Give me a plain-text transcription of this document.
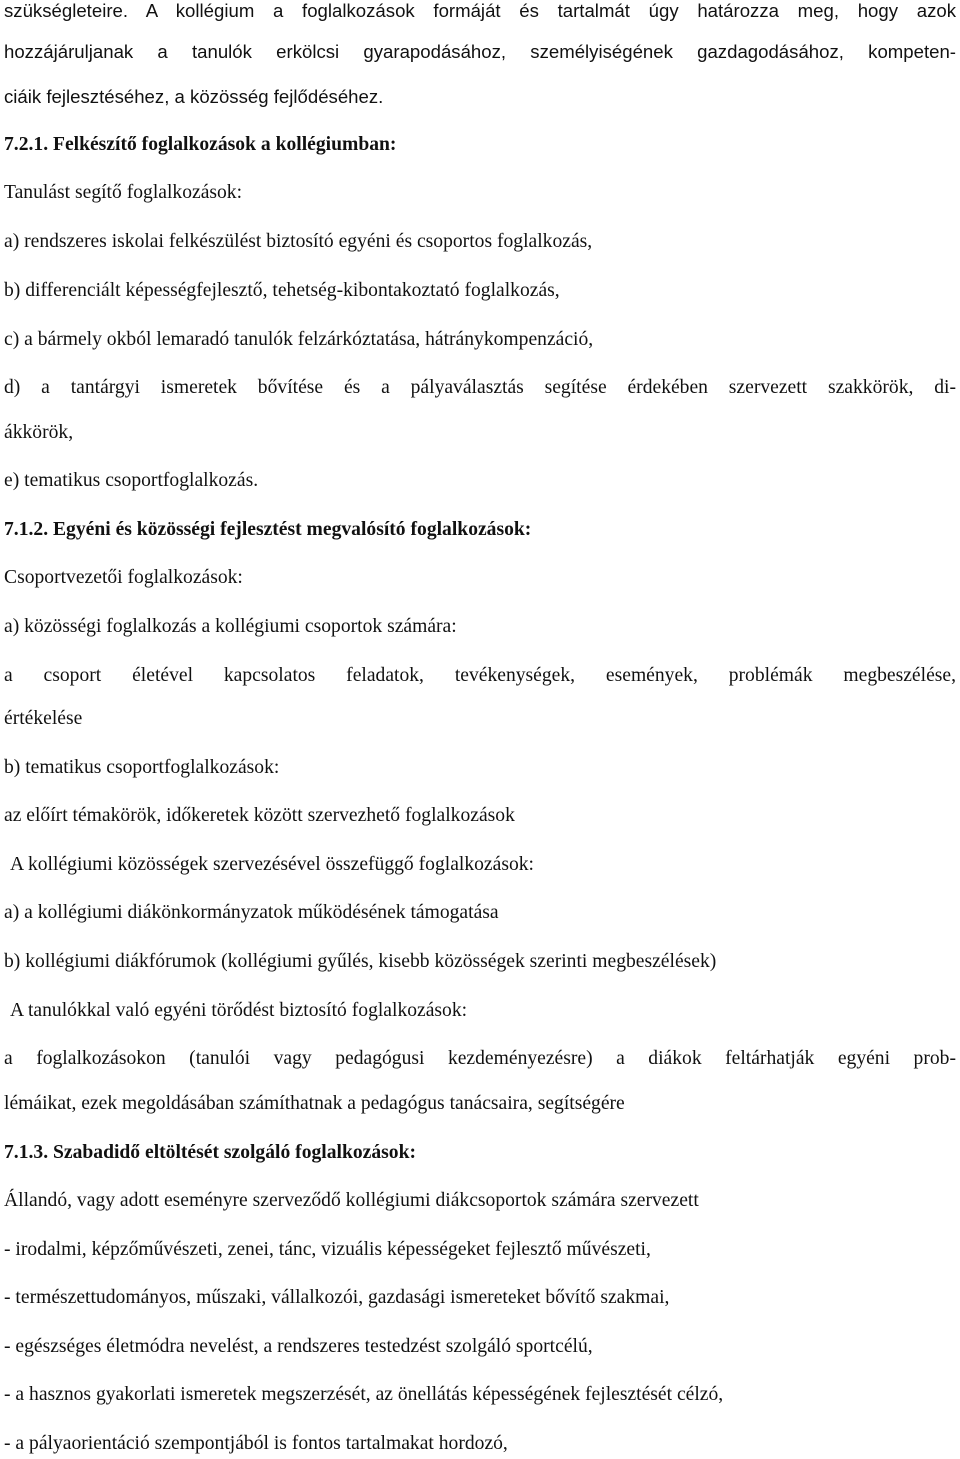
szükségleteire. A kollégium a foglalkozások formáját és tartalmát úgy határozza meg, hogy azok
hozzájáruljanak a tanulók erkölcsi gyarapodásához, személyiségének gazdagodásához, kompeten-
ciáik fejlesztéséhez, a közösség fejlődéséhez.
7.2.1. Felkészítő foglalkozások a kollégiumban:
Tanulást segítő foglalkozások:
a) rendszeres iskolai felkészülést biztosító egyéni és csoportos foglalkozás,
b) differenciált képességfejlesztő, tehetség-kibontakoztató foglalkozás,
c) a bármely okból lemaradó tanulók felzárkóztatása, hátránykompenzáció,
d) a tantárgyi ismeretek bővítése és a pályaválasztás segítése érdekében szervezett szakkörök, di-
ákkörök,
e) tematikus csoportfoglalkozás.
7.1.2. Egyéni és közösségi fejlesztést megvalósító foglalkozások:
Csoportvezetői foglalkozások:
a) közösségi foglalkozás a kollégiumi csoportok számára:
a csoport életével kapcsolatos feladatok, tevékenységek, események, problémák megbeszélése,
értékelése
b) tematikus csoportfoglalkozások:
az előírt témakörök, időkeretek között szervezhető foglalkozások
A kollégiumi közösségek szervezésével összefüggő foglalkozások:
a) a kollégiumi diákönkormányzatok működésének támogatása
b) kollégiumi diákfórumok (kollégiumi gyűlés, kisebb közösségek szerinti megbeszélések)
A tanulókkal való egyéni törődést biztosító foglalkozások:
a foglalkozásokon (tanulói vagy pedagógusi kezdeményezésre) a diákok feltárhatják egyéni prob-
lémáikat, ezek megoldásában számíthatnak a pedagógus tanácsaira, segítségére
7.1.3. Szabadidő eltöltését szolgáló foglalkozások:
Állandó, vagy adott eseményre szerveződő kollégiumi diákcsoportok számára szervezett
- irodalmi, képzőművészeti, zenei, tánc, vizuális képességeket fejlesztő művészeti,
- természettudományos, műszaki, vállalkozói, gazdasági ismereteket bővítő szakmai,
- egészséges életmódra nevelést, a rendszeres testedzést szolgáló sportcélú,
- a hasznos gyakorlati ismeretek megszerzését, az önellátás képességének fejlesztését célzó,
- a pályaorientáció szempontjából is fontos tartalmakat hordozó,
